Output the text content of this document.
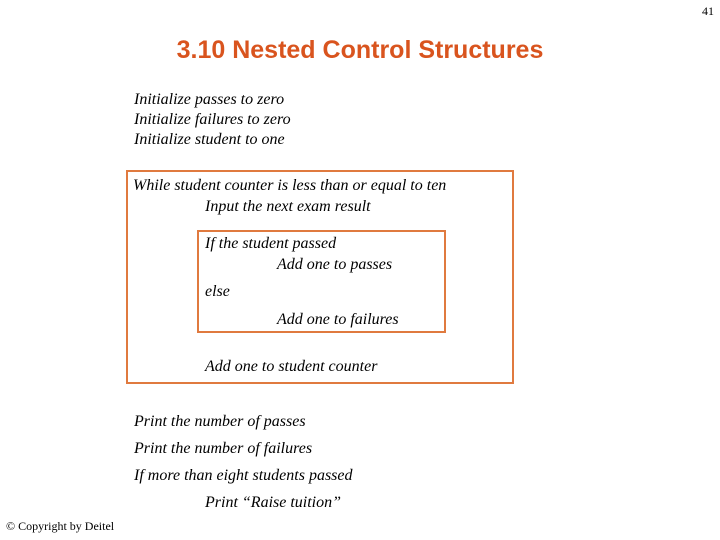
41
3.10 Nested Control Structures
Initialize passes to zero
Initialize failures to zero
Initialize student to one
While student counter is less than or equal to ten
Input the next exam result
If the student passed
Add one to passes
else
Add one to failures
Add one to student counter
Print the number of passes
Print the number of failures
If more than eight students passed
Print “Raise tuition”
© Copyright by Deitel
